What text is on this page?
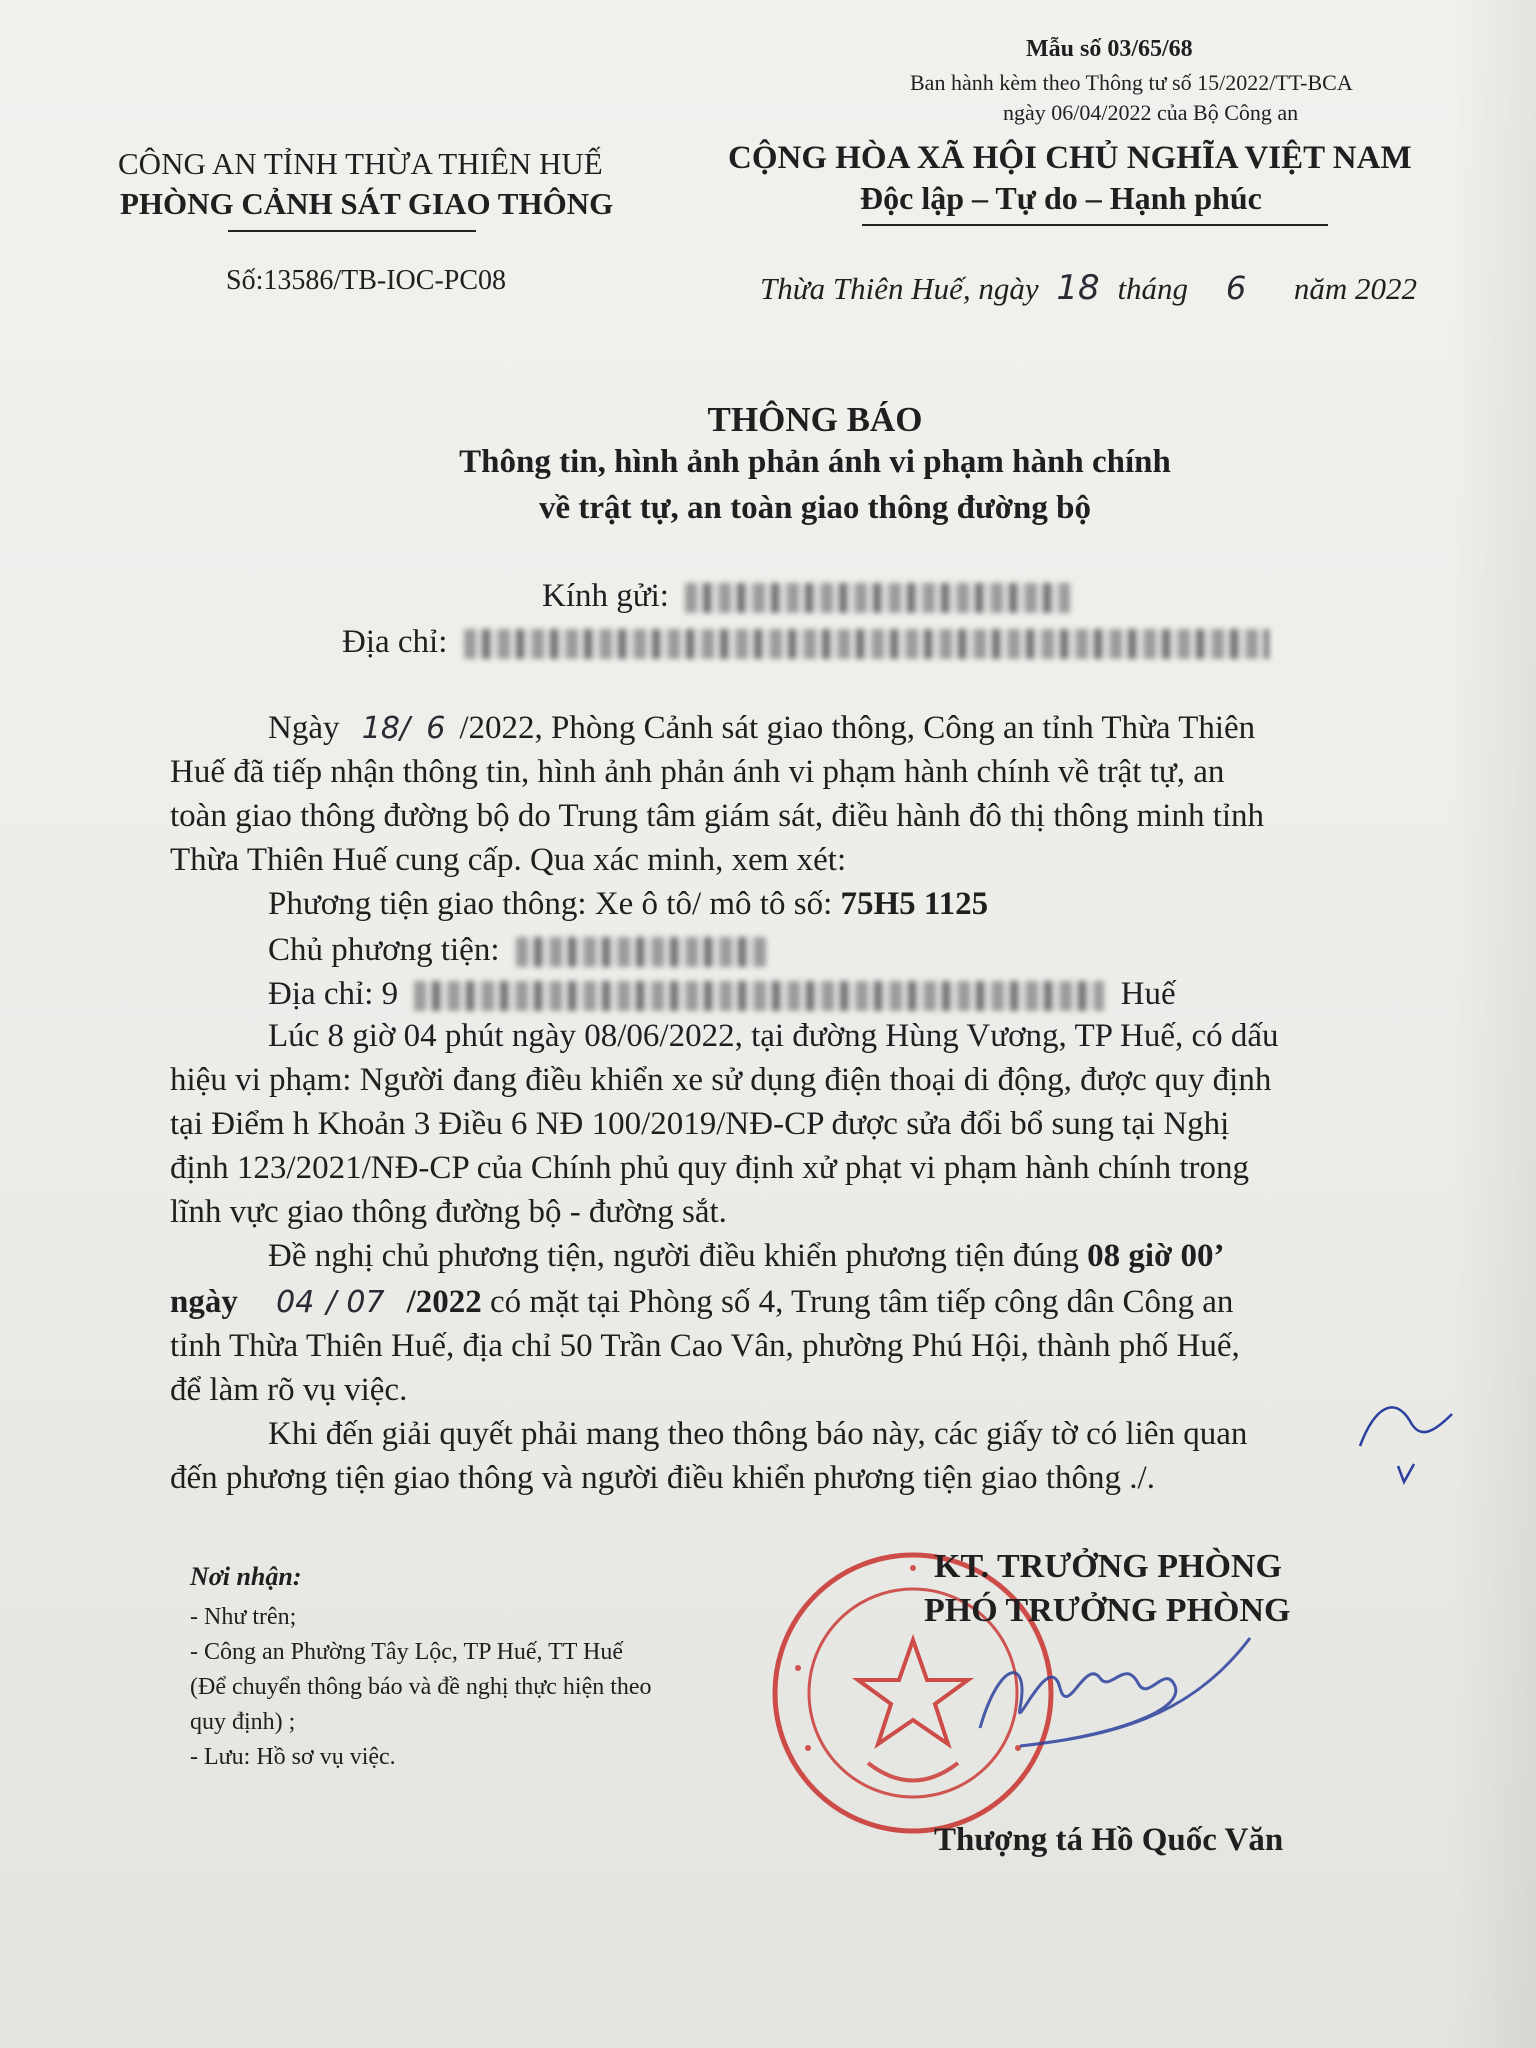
Mẫu số 03/65/68
Ban hành kèm theo Thông tư số 15/2022/TT-BCA
ngày 06/04/2022 của Bộ Công an
CÔNG AN TỈNH THỪA THIÊN HUẾ
PHÒNG CẢNH SÁT GIAO THÔNG
Số:13586/TB-IOC-PC08
CỘNG HÒA XÃ HỘI CHỦ NGHĨA VIỆT NAM
Độc lập – Tự do – Hạnh phúc
Thừa Thiên Huế, ngày 18 tháng 6 năm 2022
THÔNG BÁO
Thông tin, hình ảnh phản ánh vi phạm hành chính
về trật tự, an toàn giao thông đường bộ
Kính gửi:
Địa chỉ:
Ngày 18/ 6 /2022, Phòng Cảnh sát giao thông, Công an tỉnh Thừa Thiên
Huế đã tiếp nhận thông tin, hình ảnh phản ánh vi phạm hành chính về trật tự, an
toàn giao thông đường bộ do Trung tâm giám sát, điều hành đô thị thông minh tỉnh
Thừa Thiên Huế cung cấp. Qua xác minh, xem xét:
Phương tiện giao thông: Xe ô tô/ mô tô số: 75H5 1125
Chủ phương tiện:
Địa chỉ: 9	Huế
Lúc 8 giờ 04 phút ngày 08/06/2022, tại đường Hùng Vương, TP Huế, có dấu
hiệu vi phạm: Người đang điều khiển xe sử dụng điện thoại di động, được quy định
tại Điểm h Khoản 3 Điều 6 NĐ 100/2019/NĐ-CP được sửa đổi bổ sung tại Nghị
định 123/2021/NĐ-CP của Chính phủ quy định xử phạt vi phạm hành chính trong
lĩnh vực giao thông đường bộ - đường sắt.
Đề nghị chủ phương tiện, người điều khiển phương tiện đúng 08 giờ 00’
ngày 04 / 07 /2022 có mặt tại Phòng số 4, Trung tâm tiếp công dân Công an
tỉnh Thừa Thiên Huế, địa chỉ 50 Trần Cao Vân, phường Phú Hội, thành phố Huế,
để làm rõ vụ việc.
Khi đến giải quyết phải mang theo thông báo này, các giấy tờ có liên quan
đến phương tiện giao thông và người điều khiển phương tiện giao thông ./.
Nơi nhận:
- Như trên;
- Công an Phường Tây Lộc, TP Huế, TT Huế
(Để chuyển thông báo và đề nghị thực hiện theo
quy định) ;
- Lưu: Hồ sơ vụ việc.
KT. TRƯỞNG PHÒNG
PHÓ TRƯỞNG PHÒNG
Thượng tá Hồ Quốc Văn
